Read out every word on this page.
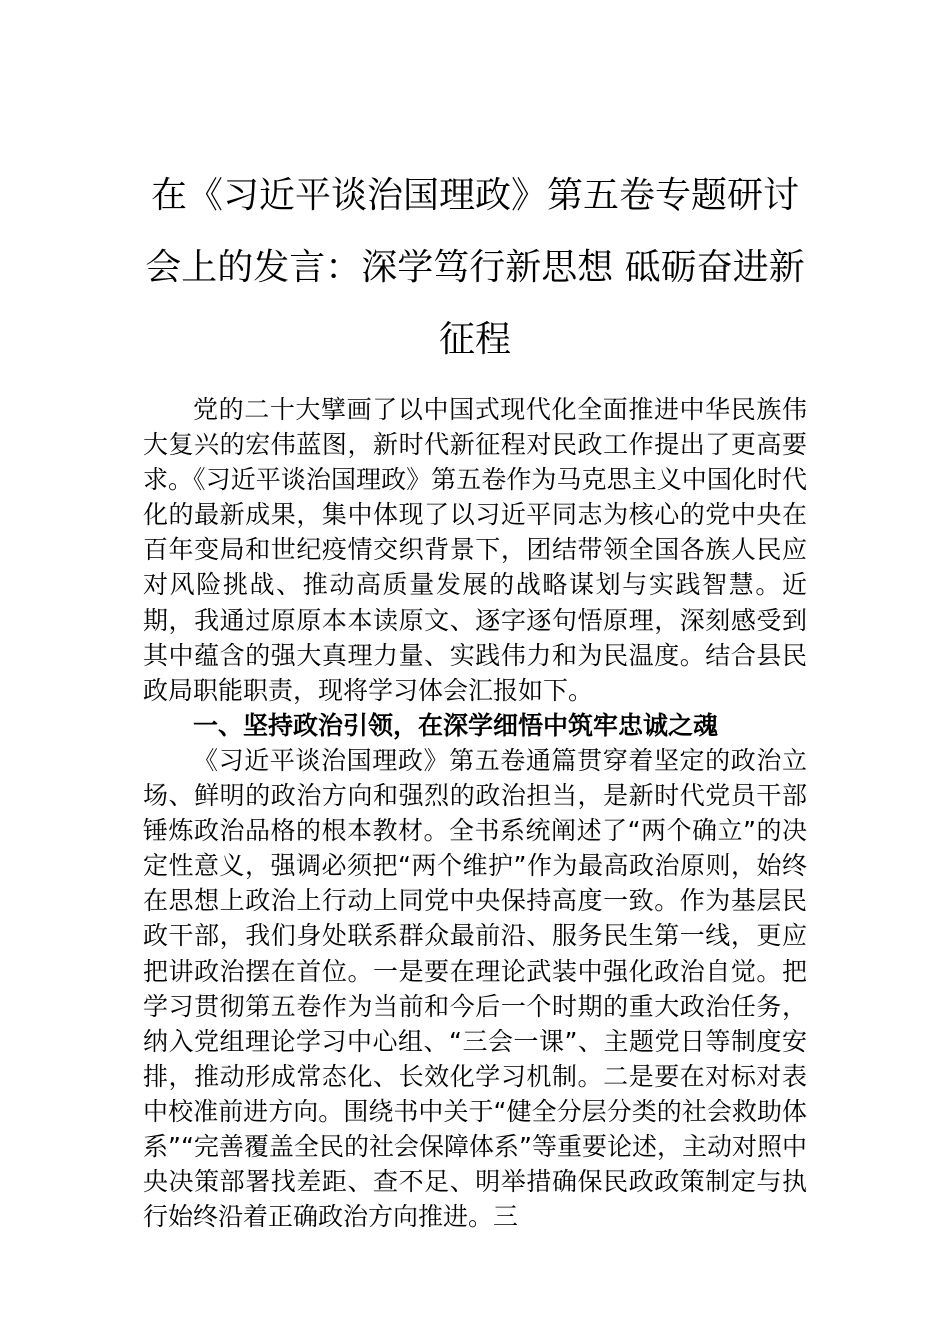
在《习近平谈治国理政》第五卷专题研讨
会上的发言：深学笃行新思想 砥砺奋进新
征程

党的二十大擘画了以中国式现代化全面推进中华民族伟大复兴的宏伟蓝图，新时代新征程对民政工作提出了更高要求。《习近平谈治国理政》第五卷作为马克思主义中国化时代化的最新成果，集中体现了以习近平同志为核心的党中央在百年变局和世纪疫情交织背景下，团结带领全国各族人民应对风险挑战、推动高质量发展的战略谋划与实践智慧。近期，我通过原原本本读原文、逐字逐句悟原理，深刻感受到其中蕴含的强大真理力量、实践伟力和为民温度。结合县民政局职能职责，现将学习体会汇报如下。

一、坚持政治引领，在深学细悟中筑牢忠诚之魂

《习近平谈治国理政》第五卷通篇贯穿着坚定的政治立场、鲜明的政治方向和强烈的政治担当，是新时代党员干部锤炼政治品格的根本教材。全书系统阐述了“两个确立”的决定性意义，强调必须把“两个维护”作为最高政治原则，始终在思想上政治上行动上同党中央保持高度一致。作为基层民政干部，我们身处联系群众最前沿、服务民生第一线，更应把讲政治摆在首位。一是要在理论武装中强化政治自觉。把学习贯彻第五卷作为当前和今后一个时期的重大政治任务，纳入党组理论学习中心组、“三会一课”、主题党日等制度安排，推动形成常态化、长效化学习机制。二是要在对标对表中校准前进方向。围绕书中关于“健全分层分类的社会救助体系”“完善覆盖全民的社会保障体系”等重要论述，主动对照中央决策部署找差距、查不足、明举措确保民政政策制定与执行始终沿着正确政治方向推进。三
